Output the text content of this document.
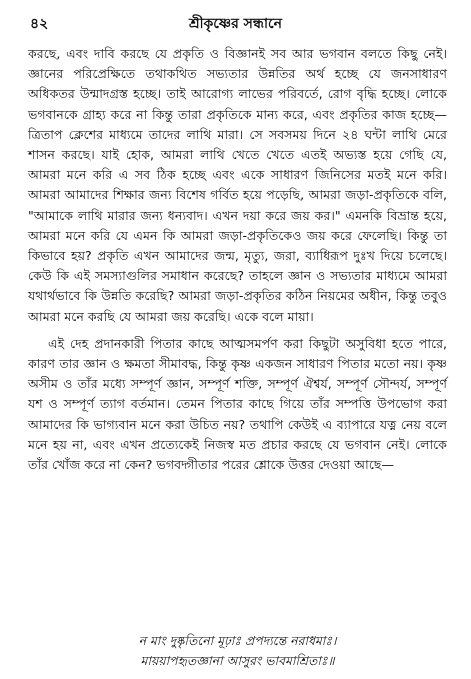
৪২	শ্রীকৃষ্ণের সন্ধানে

করছে, এবং দাবি করছে যে প্রকৃতি ও বিজ্ঞানই সব আর ভগবান বলতে কিছু নেই। জ্ঞানের পরিপ্রেক্ষিতে তথাকথিত সভ্যতার উন্নতির অর্থ হচ্ছে যে জনসাধারণ অধিকতর উন্মাদগ্রস্ত হচ্ছে। তাই আরোগ্য লাভের পরিবর্তে, রোগ বৃদ্ধি হচ্ছে। লোকে ভগবানকে গ্রাহ্য করে না কিন্তু তারা প্রকৃতিকে মান্য করে, এবং প্রকৃতির কাজ হচ্ছে—ত্রিতাপ ক্লেশের মাধ্যমে তাদের লাথি মারা। সে সবসময় দিনে ২৪ ঘন্টা লাথি মেরে শাসন করছে। যাই হোক, আমরা লাথি খেতে খেতে এতই অভ্যস্ত হয়ে গেছি যে, আমরা মনে করি এ সব ঠিক হচ্ছে এবং একে সাধারণ জিনিসের মতই মনে করি। আমরা আমাদের শিক্ষার জন্য বিশেষ গর্বিত হয়ে পড়েছি, আমরা জড়া-প্রকৃতিকে বলি, "আমাকে লাথি মারার জন্য ধন্যবাদ। এখন দয়া করে জয় কর।" এমনকি বিভ্রান্ত হয়ে, আমরা মনে করি যে এমন কি আমরা জড়া-প্রকৃতিকেও জয় করে ফেলেছি। কিন্তু তা কিভাবে হয়? প্রকৃতি এখন আমাদের জন্ম, মৃত্যু, জরা, ব্যাধিরূপ দুঃখ দিয়ে চলেছে। কেউ কি এই সমস্যাগুলির সমাধান করেছে? তাহলে জ্ঞান ও সভ্যতার মাধ্যমে আমরা যথার্থভাবে কি উন্নতি করেছি? আমরা জড়া-প্রকৃতির কঠিন নিয়মের অধীন, কিন্তু তবুও আমরা মনে করছি যে আমরা জয় করেছি। একে বলে মায়া।

এই দেহ প্রদানকারী পিতার কাছে আত্মসমর্পণ করা কিছুটা অসুবিধা হতে পারে, কারণ তার জ্ঞান ও ক্ষমতা সীমাবদ্ধ, কিন্তু কৃষ্ণ একজন সাধারণ পিতার মতো নয়। কৃষ্ণ অসীম ও তাঁর মধ্যে সম্পূর্ণ জ্ঞান, সম্পূর্ণ শক্তি, সম্পূর্ণ ঐশ্বর্য, সম্পূর্ণ সৌন্দর্য, সম্পূর্ণ যশ ও সম্পূর্ণ ত্যাগ বর্তমান। তেমন পিতার কাছে গিয়ে তাঁর সম্পত্তি উপভোগ করা আমাদের কি ভাগ্যবান মনে করা উচিত নয়? তথাপি কেউই এ ব্যাপারে যত্ন নেয় বলে মনে হয় না, এবং এখন প্রত্যেকেই নিজস্ব মত প্রচার করছে যে ভগবান নেই। লোকে তাঁর খোঁজ করে না কেন? ভগবদ্গীতার পরের শ্লোকে উত্তর দেওয়া আছে—

ন মাং দুষ্কৃতিনো মূঢ়াঃ প্রপদ্যন্তে নরাধমাঃ।
মায়য়াপহৃতজ্ঞানা আসুরং ভাবমাশ্রিতাঃ॥
